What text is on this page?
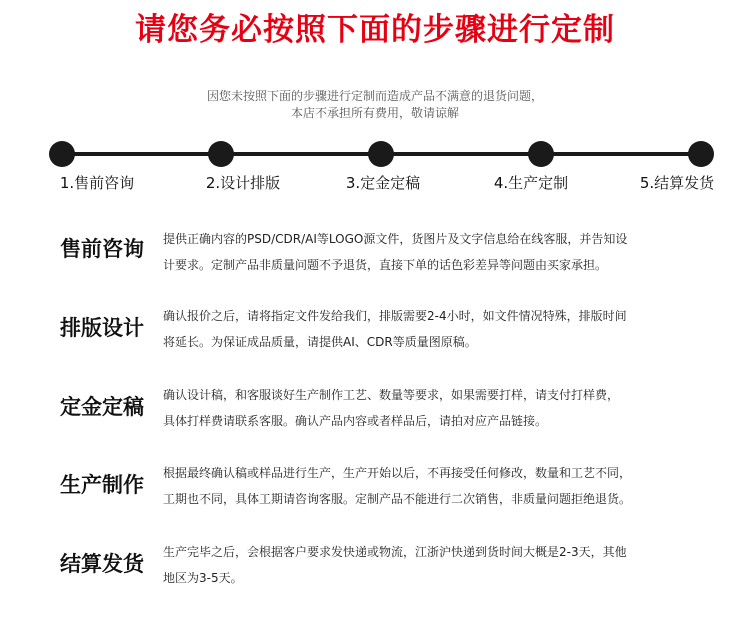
请您务必按照下面的步骤进行定制
因您未按照下面的步骤进行定制而造成产品不满意的退货问题，
本店不承担所有费用，敬请谅解
1.售前咨询	2.设计排版	3.定金定稿	4.生产定制	5.结算发货
售前咨询	提供正确内容的PSD/CDR/AI等LOGO源文件，货图片及文字信息给在线客服，并告知设
计要求。定制产品非质量问题不予退货，直接下单的话色彩差异等问题由买家承担。
排版设计	确认报价之后，请将指定文件发给我们，排版需要2-4小时，如文件情况特殊，排版时间
将延长。为保证成品质量，请提供AI、CDR等质量图原稿。
定金定稿	确认设计稿，和客服谈好生产制作工艺、数量等要求，如果需要打样，请支付打样费，
具体打样费请联系客服。确认产品内容或者样品后，请拍对应产品链接。
生产制作	根据最终确认稿或样品进行生产，生产开始以后，不再接受任何修改，数量和工艺不同，
工期也不同，具体工期请咨询客服。定制产品不能进行二次销售，非质量问题拒绝退货。
结算发货	生产完毕之后，会根据客户要求发快递或物流，江浙沪快递到货时间大概是2-3天，其他
地区为3-5天。
